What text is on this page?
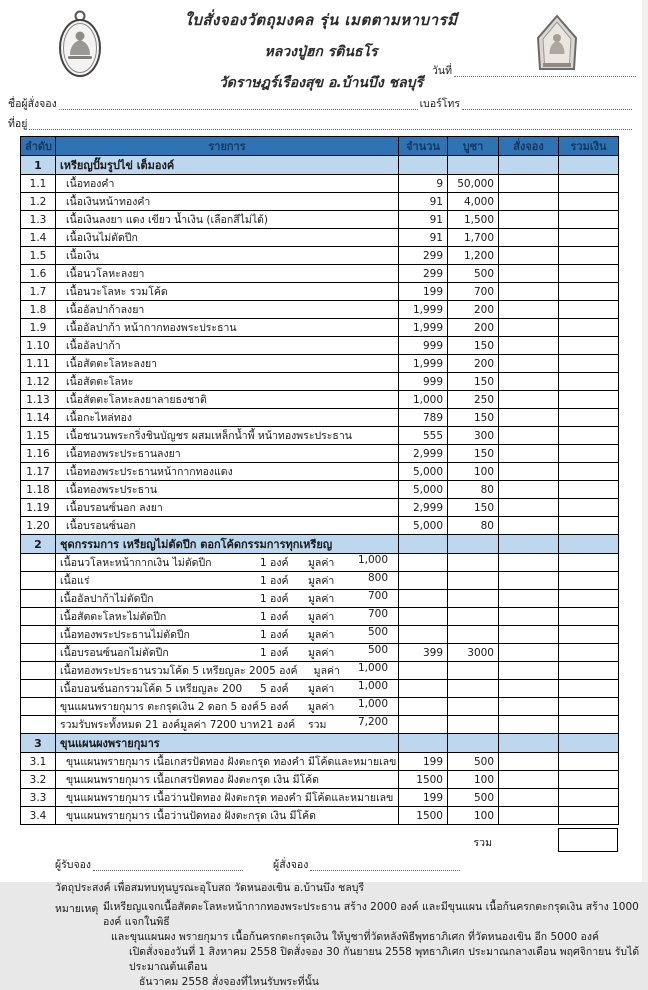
ใบสั่งจองวัตถุมงคล รุ่น เมตตามหาบารมี
หลวงปู่ฮก รตินธโร
วัดราษฎร์เรืองสุข อ.บ้านบึง ชลบุรี
วันที่
ชื่อผู้สั่งจอง	เบอร์โทร
ที่อยู่
ลำดับ	รายการ	จำนวน	บูชา	สั่งจอง	รวมเงิน
1	เหรียญปั๊มรูปไข่ เต็มองค์				
1.1	เนื้อทองคำ	9	50,000		
1.2	เนื้อเงินหน้าทองคำ	91	4,000		
1.3	เนื้อเงินลงยา แดง เขียว น้ำเงิน (เลือกสีไม่ได้)	91	1,500		
1.4	เนื้อเงินไม่ตัดปีก	91	1,700		
1.5	เนื้อเงิน	299	1,200		
1.6	เนื้อนวโลหะลงยา	299	500		
1.7	เนื้อนวะโลหะ รวมโค้ด	199	700		
1.8	เนื้ออัลปาก้าลงยา	1,999	200		
1.9	เนื้ออัลปาก้า หน้ากากทองพระประธาน	1,999	200		
1.10	เนื้ออัลปาก้า	999	150		
1.11	เนื้อสัตตะโลหะลงยา	1,999	200		
1.12	เนื้อสัตตะโลหะ	999	150		
1.13	เนื้อสัตตะโลหะลงยาลายธงชาติ	1,000	250		
1.14	เนื้อกะไหล่ทอง	789	150		
1.15	เนื้อชนวนพระกริ่งชินบัญชร ผสมเหล็กน้ำพี้ หน้าทองพระประธาน	555	300		
1.16	เนื้อทองพระประธานลงยา	2,999	150		
1.17	เนื้อทองพระประธานหน้ากากทองแดง	5,000	100		
1.18	เนื้อทองพระประธาน	5,000	80		
1.19	เนื้อบรอนซ์นอก ลงยา	2,999	150		
1.20	เนื้อบรอนซ์นอก	5,000	80		
2	ชุดกรรมการ เหรียญไม่ตัดปีก ตอกโค้ดกรรมการทุกเหรียญ				

	เนื้อนวโลหะหน้ากากเงิน ไม่ตัดปีก 1 องค์ มูลค่า 1,000				

	เนื้อแร่ 1 องค์ มูลค่า 800				

	เนื้ออัลปาก้าไม่ตัดปีก 1 องค์ มูลค่า 700				

	เนื้อสัตตะโลหะไม่ตัดปีก 1 องค์ มูลค่า 700				

	เนื้อทองพระประธานไม่ตัดปีก 1 องค์ มูลค่า 500				

	เนื้อบรอนซ์นอกไม่ตัดปีก 1 องค์ มูลค่า 500	399	3000		

	เนื้อทองพระประธานรวมโค้ด 5 เหรียญละ 200 5 องค์ มูลค่า 1,000				

	เนื้อบอนซ์นอกรวมโค้ด 5 เหรียญละ 200 5 องค์ มูลค่า 1,000				

	ขุนแผนพรายกุมาร ตะกรุดเงิน 2 ดอก 5 องค์ 5 องค์ มูลค่า 1,000				

	รวมรับพระทั้งหมด 21 องค์มูลค่า 7200 บาท 21 องค์ รวม 7,200				

3	ขุนแผนผงพรายกุมาร				
3.1	ขุนแผนพรายกุมาร เนื้อเกสรปัดทอง ฝังตะกรุด ทองคำ มีโค้ดและหมายเลข	199	500		
3.2	ขุนแผนพรายกุมาร เนื้อเกสรปัดทอง ฝังตะกรุด เงิน มีโค้ด	1500	100		
3.3	ขุนแผนพรายกุมาร เนื้อว่านปัดทอง ฝังตะกรุด ทองคำ มีโค้ดและหมายเลข	199	500		
3.4	ขุนแผนพรายกุมาร เนื้อว่านปัดทอง ฝังตะกรุด เงิน มีโค้ด	1500	100		
รวม
ผู้รับจอง	ผู้สั่งจอง
วัตถุประสงค์ เพื่อสมทบทุนบูรณะอุโบสถ วัดหนองเขิน อ.บ้านบึง ชลบุรี
หมายเหตุ มีเหรียญแจกเนื้อสัตตะโลหะหน้ากากทองพระประธาน สร้าง 2000 องค์ และมีขุนแผน เนื้อก้นครกตะกรุดเงิน สร้าง 1000 องค์ แจกในพิธี
และขุนแผนผง พรายกุมาร เนื้อก้นครกตะกรุดเงิน ให้บูชาที่วัดหลังพิธีพุทธาภิเศก ที่วัดหนองเขิน อีก 5000 องค์
เปิดสั่งจองวันที่ 1 สิงหาคม 2558 ปิดสั่งจอง 30 กันยายน 2558 พุทธาภิเศก ประมาณกลางเดือน พฤศจิกายน รับได้ประมาณต้นเดือน
ธันวาคม 2558 สั่งจองที่ไหนรับพระที่นั้น
